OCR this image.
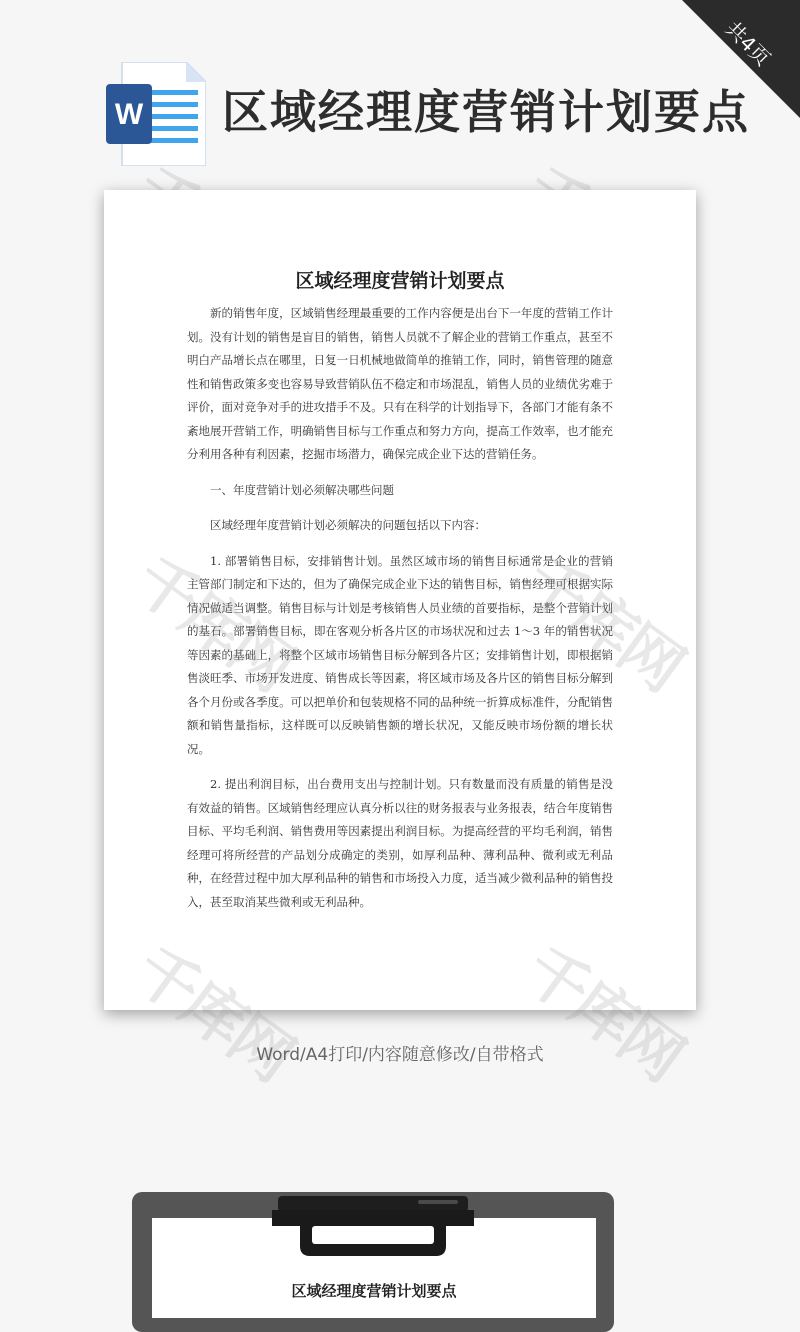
共4页
W 区域经理度营销计划要点
区域经理度营销计划要点

新的销售年度，区域销售经理最重要的工作内容便是出台下一年度的营销工作计划。没有计划的销售是盲目的销售，销售人员就不了解企业的营销工作重点，甚至不明白产品增长点在哪里，日复一日机械地做简单的推销工作，同时，销售管理的随意性和销售政策多变也容易导致营销队伍不稳定和市场混乱，销售人员的业绩优劣难于评价，面对竞争对手的进攻措手不及。只有在科学的计划指导下，各部门才能有条不紊地展开营销工作，明确销售目标与工作重点和努力方向，提高工作效率，也才能充分利用各种有利因素，挖掘市场潜力，确保完成企业下达的营销任务。

一、年度营销计划必须解决哪些问题

区域经理年度营销计划必须解决的问题包括以下内容：

1. 部署销售目标，安排销售计划。虽然区域市场的销售目标通常是企业的营销主管部门制定和下达的，但为了确保完成企业下达的销售目标，销售经理可根据实际情况做适当调整。销售目标与计划是考核销售人员业绩的首要指标，是整个营销计划的基石。部署销售目标，即在客观分析各片区的市场状况和过去 1～3 年的销售状况等因素的基础上，将整个区域市场销售目标分解到各片区；安排销售计划，即根据销售淡旺季、市场开发进度、销售成长等因素，将区域市场及各片区的销售目标分解到各个月份或各季度。可以把单价和包装规格不同的品种统一折算成标准件，分配销售额和销售量指标，这样既可以反映销售额的增长状况，又能反映市场份额的增长状况。

2. 提出利润目标，出台费用支出与控制计划。只有数量而没有质量的销售是没有效益的销售。区域销售经理应认真分析以往的财务报表与业务报表，结合年度销售目标、平均毛利润、销售费用等因素提出利润目标。为提高经营的平均毛利润，销售经理可将所经营的产品划分成确定的类别，如厚利品种、薄利品种、微利或无利品种，在经营过程中加大厚利品种的销售和市场投入力度，适当减少微利品种的销售投入，甚至取消某些微利或无利品种。

千库网	千库网
千库网	千库网
Word/A4打印/内容随意修改/自带格式
区域经理度营销计划要点
